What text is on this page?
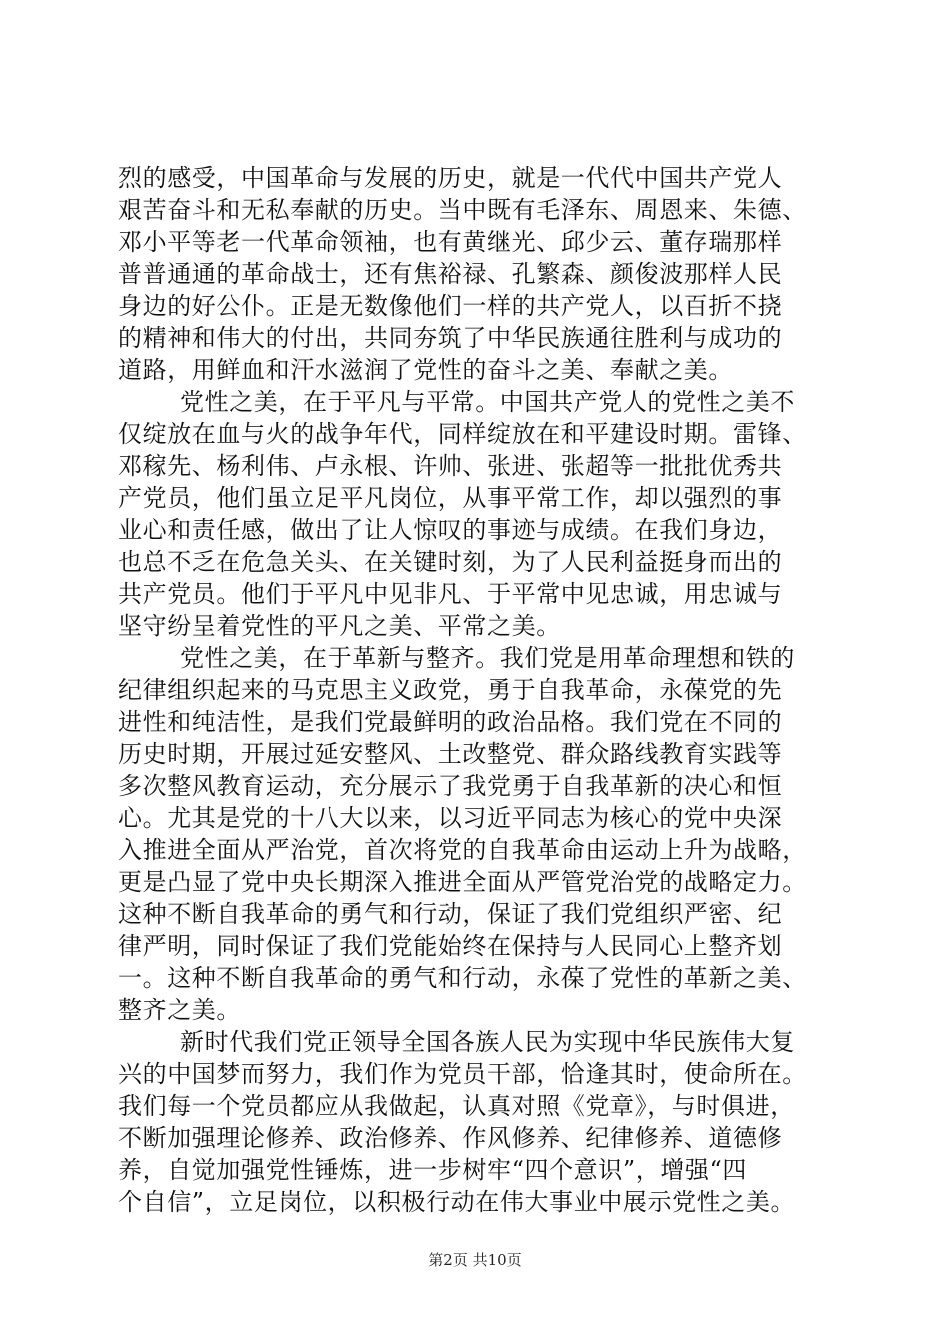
烈的感受，中国革命与发展的历史，就是一代代中国共产党人
艰苦奋斗和无私奉献的历史。当中既有毛泽东、周恩来、朱德、
邓小平等老一代革命领袖，也有黄继光、邱少云、董存瑞那样
普普通通的革命战士，还有焦裕禄、孔繁森、颜俊波那样人民
身边的好公仆。正是无数像他们一样的共产党人，以百折不挠
的精神和伟大的付出，共同夯筑了中华民族通往胜利与成功的
道路，用鲜血和汗水滋润了党性的奋斗之美、奉献之美。
党性之美，在于平凡与平常。中国共产党人的党性之美不
仅绽放在血与火的战争年代，同样绽放在和平建设时期。雷锋、
邓稼先、杨利伟、卢永根、许帅、张进、张超等一批批优秀共
产党员，他们虽立足平凡岗位，从事平常工作，却以强烈的事
业心和责任感，做出了让人惊叹的事迹与成绩。在我们身边，
也总不乏在危急关头、在关键时刻，为了人民利益挺身而出的
共产党员。他们于平凡中见非凡、于平常中见忠诚，用忠诚与
坚守纷呈着党性的平凡之美、平常之美。
党性之美，在于革新与整齐。我们党是用革命理想和铁的
纪律组织起来的马克思主义政党，勇于自我革命，永葆党的先
进性和纯洁性，是我们党最鲜明的政治品格。我们党在不同的
历史时期，开展过延安整风、土改整党、群众路线教育实践等
多次整风教育运动，充分展示了我党勇于自我革新的决心和恒
心。尤其是党的十八大以来，以习近平同志为核心的党中央深
入推进全面从严治党，首次将党的自我革命由运动上升为战略，
更是凸显了党中央长期深入推进全面从严管党治党的战略定力。
这种不断自我革命的勇气和行动，保证了我们党组织严密、纪
律严明，同时保证了我们党能始终在保持与人民同心上整齐划
一。这种不断自我革命的勇气和行动，永葆了党性的革新之美、
整齐之美。
新时代我们党正领导全国各族人民为实现中华民族伟大复
兴的中国梦而努力，我们作为党员干部，恰逢其时，使命所在。
我们每一个党员都应从我做起，认真对照《党章》，与时俱进，
不断加强理论修养、政治修养、作风修养、纪律修养、道德修
养，自觉加强党性锤炼，进一步树牢“四个意识”，增强“四
个自信”，立足岗位，以积极行动在伟大事业中展示党性之美。
第2页 共10页
